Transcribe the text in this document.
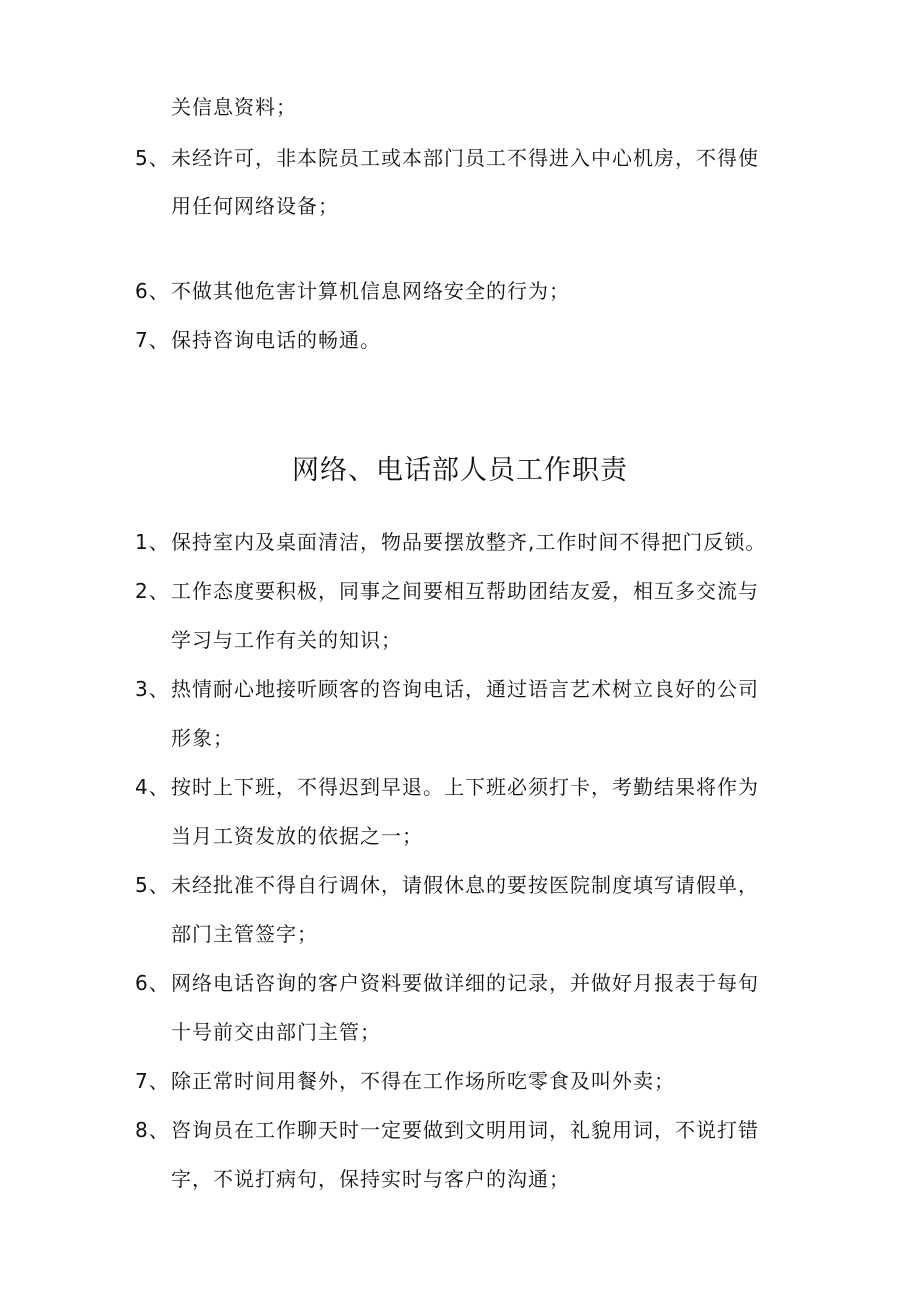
关信息资料；
5、 未经许可，非本院员工或本部门员工不得进入中心机房，不得使
用任何网络设备；
6、 不做其他危害计算机信息网络安全的行为；
7、 保持咨询电话的畅通。
网络、电话部人员工作职责
1、 保持室内及桌面清洁，物品要摆放整齐,工作时间不得把门反锁。
2、 工作态度要积极，同事之间要相互帮助团结友爱，相互多交流与
学习与工作有关的知识；
3、 热情耐心地接听顾客的咨询电话，通过语言艺术树立良好的公司
形象；
4、 按时上下班，不得迟到早退。上下班必须打卡，考勤结果将作为
当月工资发放的依据之一；
5、 未经批准不得自行调休，请假休息的要按医院制度填写请假单，
部门主管签字；
6、 网络电话咨询的客户资料要做详细的记录，并做好月报表于每旬
十号前交由部门主管；
7、 除正常时间用餐外，不得在工作场所吃零食及叫外卖；
8、 咨询员在工作聊天时一定要做到文明用词，礼貌用词，不说打错
字，不说打病句，保持实时与客户的沟通；
